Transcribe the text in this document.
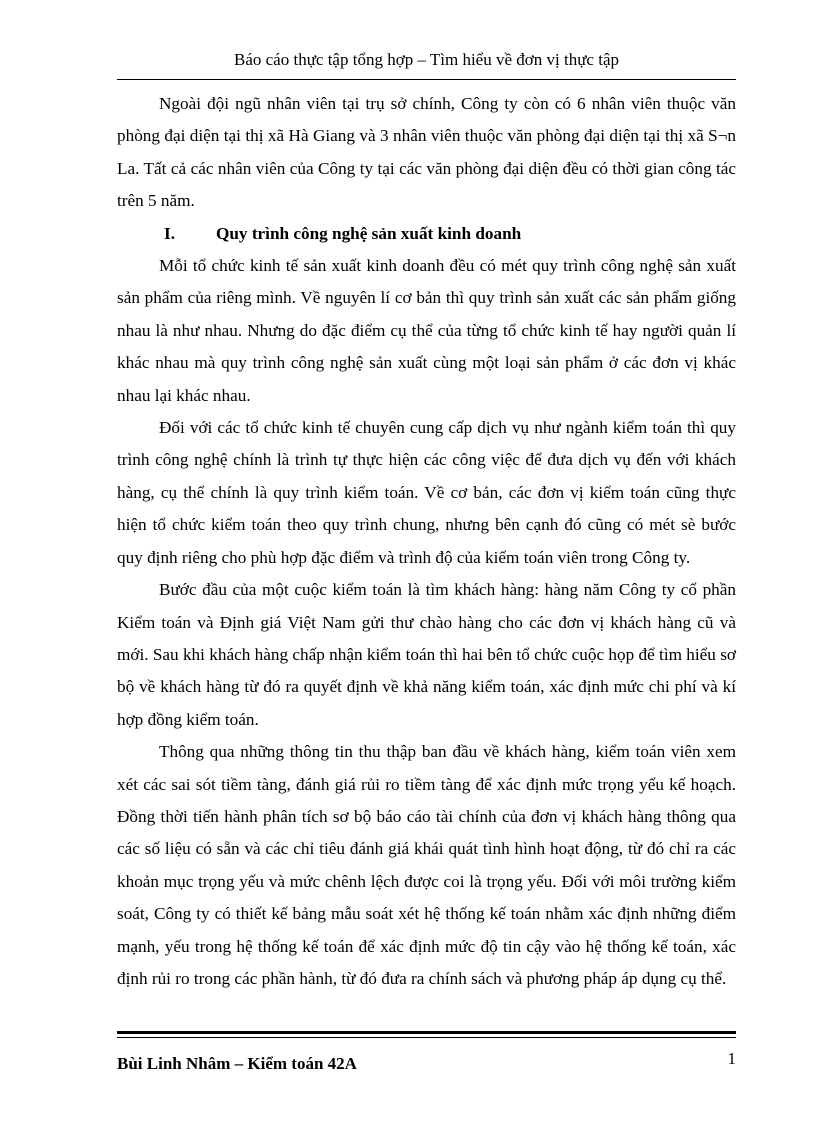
Báo cáo thực tập tổng hợp – Tìm hiểu về đơn vị thực tập

Ngoài đội ngũ nhân viên tại trụ sở chính, Công ty còn có 6 nhân viên thuộc văn phòng đại diện tại thị xã Hà Giang và 3 nhân viên thuộc văn phòng đại diện tại thị xã S¬n La. Tất cả các nhân viên của Công ty tại các văn phòng đại diện đều có thời gian công tác trên 5 năm.

I. Quy trình công nghệ sản xuất kinh doanh

Mỗi tổ chức kinh tế sản xuất kinh doanh đều có mét quy trình công nghệ sản xuất sản phẩm của riêng mình. Về nguyên lí cơ bản thì quy trình sản xuất các sản phẩm giống nhau là như nhau. Nhưng do đặc điểm cụ thể của từng tổ chức kinh tế hay người quản lí khác nhau mà quy trình công nghệ sản xuất cùng một loại sản phẩm ở các đơn vị khác nhau lại khác nhau.

Đối với các tổ chức kinh tế chuyên cung cấp dịch vụ như ngành kiểm toán thì quy trình công nghệ chính là trình tự thực hiện các công việc để đưa dịch vụ đến với khách hàng, cụ thể chính là quy trình kiểm toán. Về cơ bản, các đơn vị kiểm toán cũng thực hiện tổ chức kiểm toán theo quy trình chung, nhưng bên cạnh đó cũng có mét sè bước quy định riêng cho phù hợp đặc điểm và trình độ của kiểm toán viên trong Công ty.

Bước đầu của một cuộc kiểm toán là tìm khách hàng: hàng năm Công ty cổ phần Kiểm toán và Định giá Việt Nam gửi thư chào hàng cho các đơn vị khách hàng cũ và mới. Sau khi khách hàng chấp nhận kiểm toán thì hai bên tổ chức cuộc họp để tìm hiểu sơ bộ về khách hàng từ đó ra quyết định về khả năng kiểm toán, xác định mức chi phí và kí hợp đồng kiểm toán.

Thông qua những thông tin thu thập ban đầu về khách hàng, kiểm toán viên xem xét các sai sót tiềm tàng, đánh giá rủi ro tiềm tàng để xác định mức trọng yếu kế hoạch. Đồng thời tiến hành phân tích sơ bộ báo cáo tài chính của đơn vị khách hàng thông qua các số liệu có sẵn và các chỉ tiêu đánh giá khái quát tình hình hoạt động, từ đó chỉ ra các khoản mục trọng yếu và mức chênh lệch được coi là trọng yếu. Đối với môi trường kiểm soát, Công ty có thiết kế bảng mẫu soát xét hệ thống kế toán nhằm xác định những điểm mạnh, yếu trong hệ thống kế toán để xác định mức độ tin cậy vào hệ thống kế toán, xác định rủi ro trong các phần hành, từ đó đưa ra chính sách và phương pháp áp dụng cụ thể.

Bùi Linh Nhâm – Kiểm toán 42A	1
